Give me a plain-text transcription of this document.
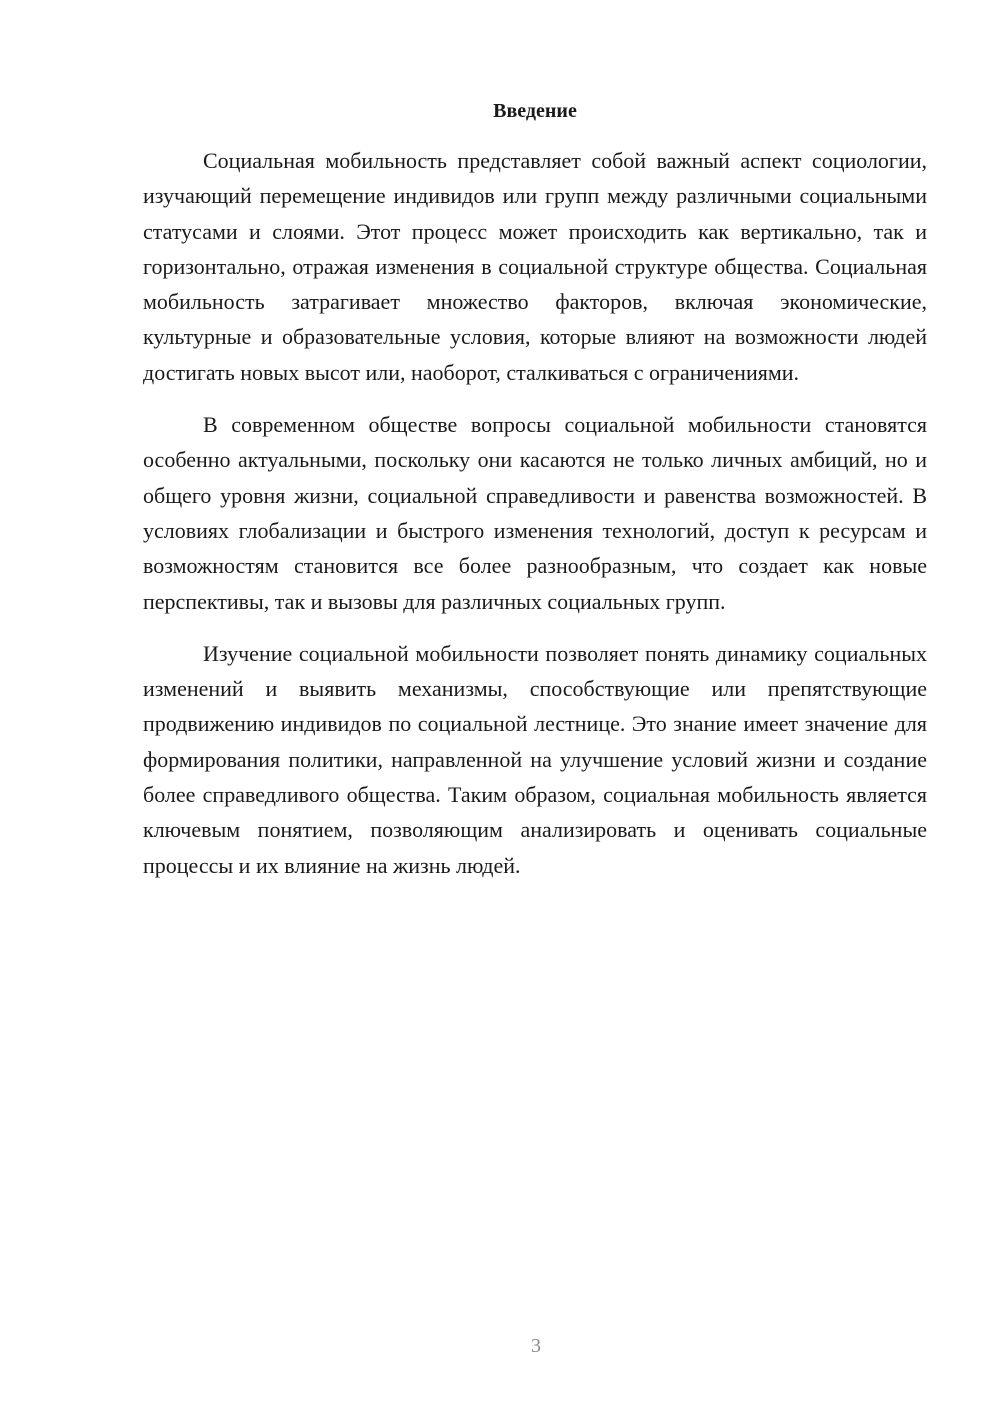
Введение

Социальная мобильность представляет собой важный аспект социологии, изучающий перемещение индивидов или групп между различными социальными статусами и слоями. Этот процесс может происходить как вертикально, так и горизонтально, отражая изменения в социальной структуре общества. Социальная мобильность затрагивает множество факторов, включая экономические, культурные и образовательные условия, которые влияют на возможности людей достигать новых высот или, наоборот, сталкиваться с ограничениями.

В современном обществе вопросы социальной мобильности становятся особенно актуальными, поскольку они касаются не только личных амбиций, но и общего уровня жизни, социальной справедливости и равенства возможностей. В условиях глобализации и быстрого изменения технологий, доступ к ресурсам и возможностям становится все более разнообразным, что создает как новые перспективы, так и вызовы для различных социальных групп.

Изучение социальной мобильности позволяет понять динамику социальных изменений и выявить механизмы, способствующие или препятствующие продвижению индивидов по социальной лестнице. Это знание имеет значение для формирования политики, направленной на улучшение условий жизни и создание более справедливого общества. Таким образом, социальная мобильность является ключевым понятием, позволяющим анализировать и оценивать социальные процессы и их влияние на жизнь людей.

3
